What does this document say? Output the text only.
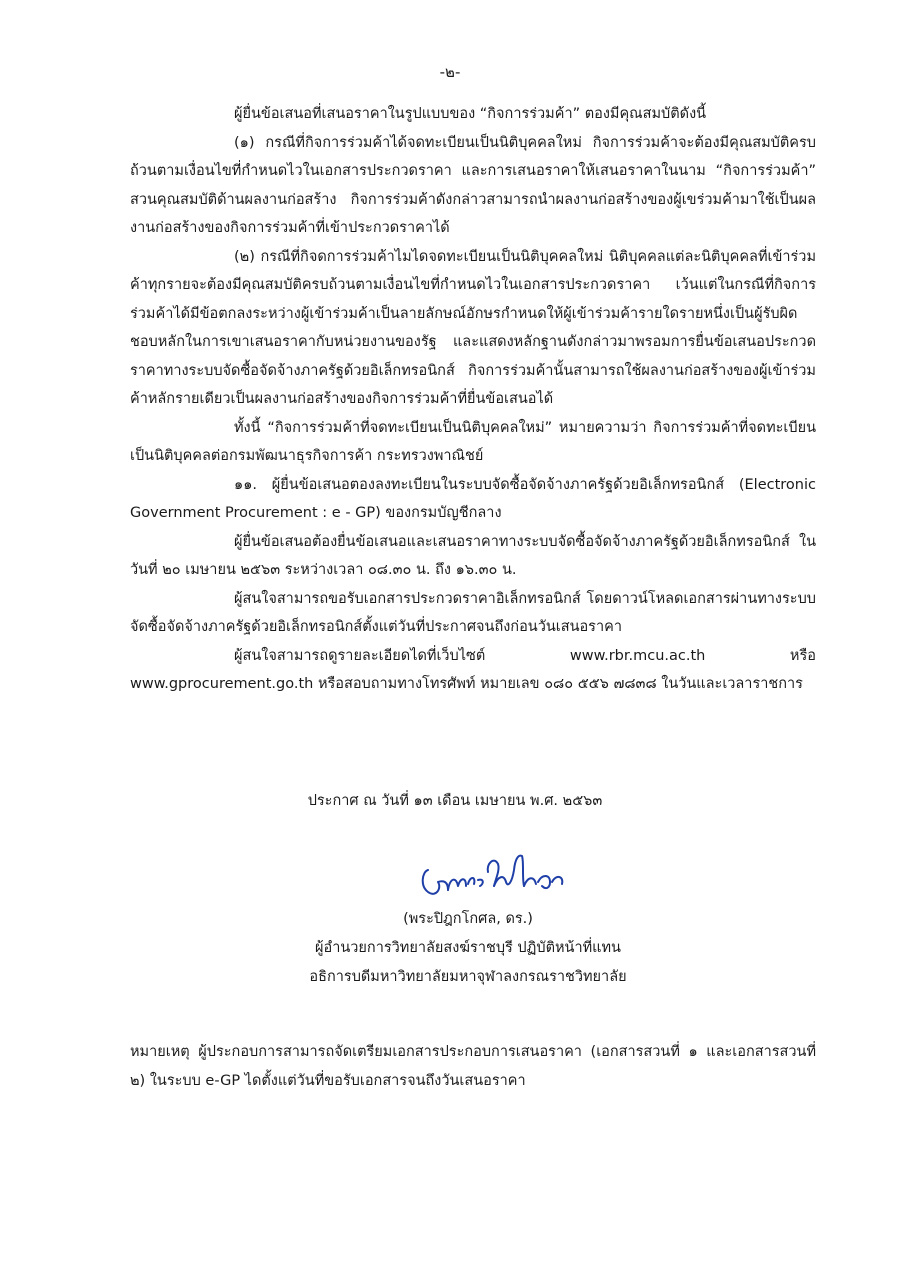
-๒-

ผู้ยื่นข้อเสนอที่เสนอราคาในรูปแบบของ “กิจการร่วมค้า” ตองมีคุณสมบัติดังนี้

(๑) กรณีที่กิจการร่วมค้าได้จดทะเบียนเป็นนิติบุคคลใหม่ กิจการร่วมค้าจะต้องมีคุณสมบัติครบถ้วนตามเงื่อนไขที่กำหนดไวในเอกสารประกวดราคา และการเสนอราคาให้เสนอราคาในนาม “กิจการร่วมค้า” สวนคุณสมบัติด้านผลงานก่อสร้าง กิจการร่วมค้าดังกล่าวสามารถนำผลงานก่อสร้างของผู้เขร่วมค้ามาใช้เป็นผลงานก่อสร้างของกิจการร่วมค้าที่เข้าประกวดราคาได้

(๒) กรณีที่กิจดการร่วมค้าไมไดจดทะเบียนเป็นนิติบุคคลใหม่ นิติบุคคลแต่ละนิติบุคคลที่เข้าร่วมค้าทุกรายจะต้องมีคุณสมบัติครบถ้วนตามเงื่อนไขที่กำหนดไวในเอกสารประกวดราคา เว้นแต่ในกรณีที่กิจการร่วมค้าได้มีข้อตกลงระหว่างผู้เข้าร่วมค้าเป็นลายลักษณ์อักษรกำหนดให้ผู้เข้าร่วมค้ารายใดรายหนึ่งเป็นผู้รับผิดชอบหลักในการเขาเสนอราคากับหน่วยงานของรัฐ และแสดงหลักฐานดังกล่าวมาพรอมการยื่นข้อเสนอประกวดราคาทางระบบจัดซื้อจัดจ้างภาครัฐด้วยอิเล็กทรอนิกส์ กิจการร่วมค้านั้นสามารถใช้ผลงานก่อสร้างของผู้เข้าร่วมค้าหลักรายเดียวเป็นผลงานก่อสร้างของกิจการร่วมค้าที่ยื่นข้อเสนอได้

ทั้งนี้ “กิจการร่วมค้าที่จดทะเบียนเป็นนิติบุคคลใหม่” หมายความว่า กิจการร่วมค้าที่จดทะเบียนเป็นนิติบุคคลต่อกรมพัฒนาธุรกิจการค้า กระทรวงพาณิชย์

๑๑. ผู้ยื่นข้อเสนอตองลงทะเบียนในระบบจัดซื้อจัดจ้างภาครัฐด้วยอิเล็กทรอนิกส์ (Electronic Government Procurement : e - GP) ของกรมบัญชีกลาง

ผู้ยื่นข้อเสนอต้องยื่นข้อเสนอและเสนอราคาทางระบบจัดซื้อจัดจ้างภาครัฐด้วยอิเล็กทรอนิกส์ ในวันที่ ๒๐ เมษายน ๒๕๖๓ ระหว่างเวลา ๐๘.๓๐ น. ถึง ๑๖.๓๐ น.

ผู้สนใจสามารถขอรับเอกสารประกวดราคาอิเล็กทรอนิกส์ โดยดาวน์โหลดเอกสารผ่านทางระบบจัดซื้อจัดจ้างภาครัฐด้วยอิเล็กทรอนิกส์ตั้งแต่วันที่ประกาศจนถึงก่อนวันเสนอราคา

ผู้สนใจสามารถดูรายละเอียดไดที่เว็บไซต์ www.rbr.mcu.ac.th หรือ www.gprocurement.go.th หรือสอบถามทางโทรศัพท์ หมายเลข ๐๘๐ ๕๕๖ ๗๘๓๘ ในวันและเวลาราชการ

ประกาศ ณ วันที่ ๑๓ เดือน เมษายน พ.ศ. ๒๕๖๓
(พระปิฎกโกศล, ดร.)
ผู้อำนวยการวิทยาลัยสงฆ์ราชบุรี ปฏิบัติหน้าที่แทน
อธิการบดีมหาวิทยาลัยมหาจุฬาลงกรณราชวิทยาลัย
หมายเหตุ ผู้ประกอบการสามารถจัดเตรียมเอกสารประกอบการเสนอราคา (เอกสารสวนที่ ๑ และเอกสารสวนที่ ๒) ในระบบ e-GP ไดตั้งแต่วันที่ขอรับเอกสารจนถึงวันเสนอราคา
